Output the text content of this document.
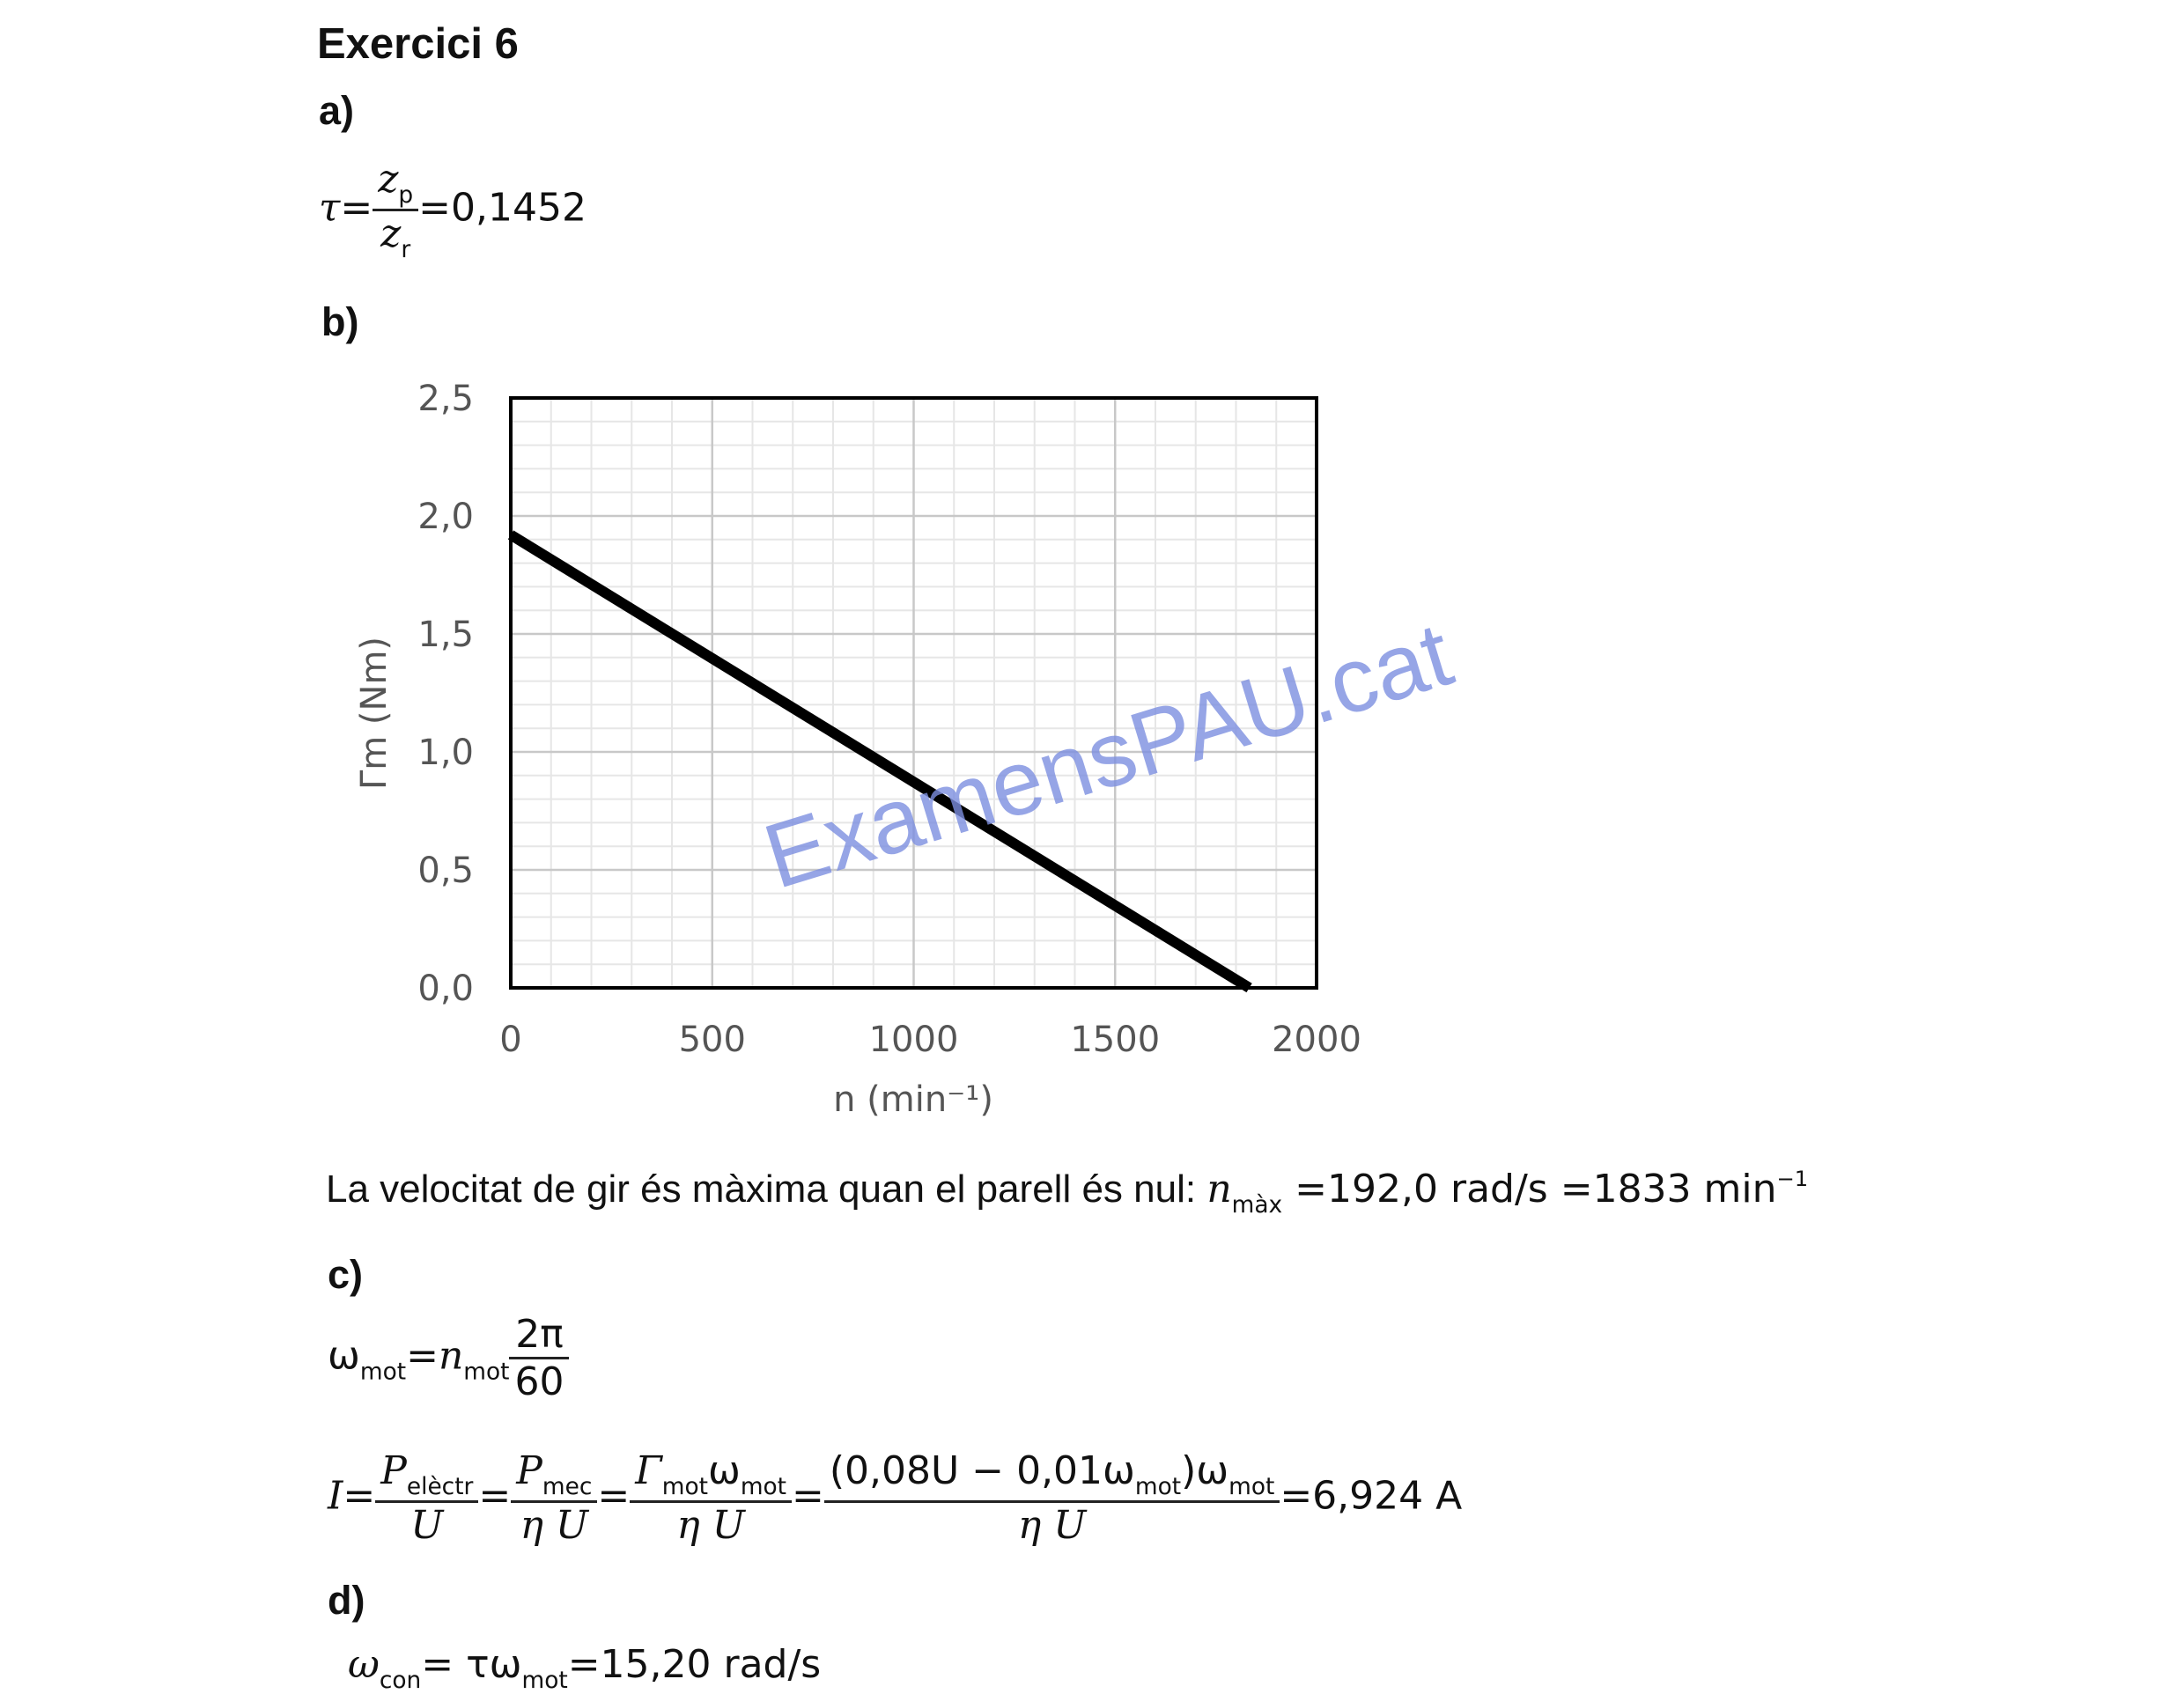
Exercici 6
a)
b)
c)
d)
$\tau= \frac{z_p}{z_r} =0,1452$
0	500	1000	1500	2000
0,0
0,5
1,0
1,5
2,0
2,5
n (min⁻¹)
Γm (Nm)	ExamensPAU.cat
La velocitat de gir és màxima quan el parell és nul: $n_{màx} =192,0$ rad/s =1833 $\min^{-1}$
$\omega_{mot}=n_{mot} \frac{2\pi}{60}$
$I= \frac{P_{elèctr}}{U} = \frac{P_{mec}}{\text{η U}} = \frac{\Gamma_{mot}\omega_{mot}}{\text{η U}} = \frac{(0,08U - 0,01\omega_{mot})\omega_{mot}}{\text{η U}} =6,924$ A
$\omega_{con}= \tau\omega_{mot}=15,20$ rad/s
